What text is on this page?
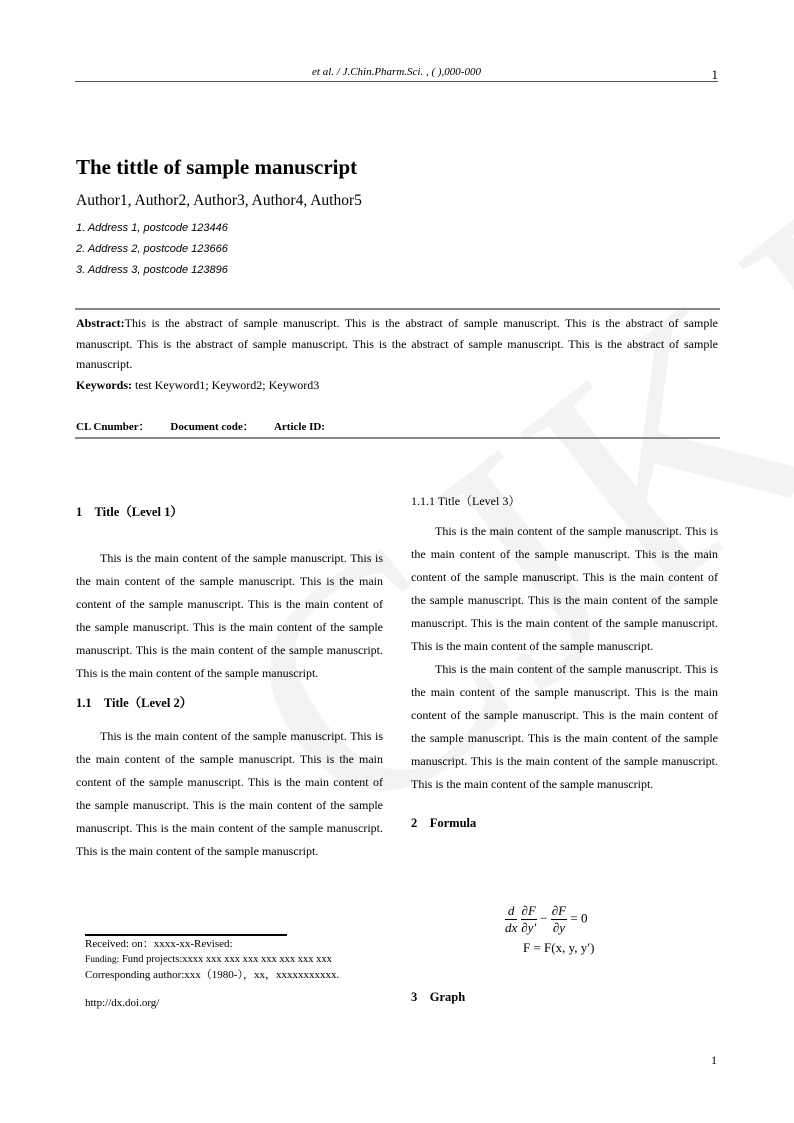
et al. / J.Chin.Pharm.Sci. , ( ),000-000	1
The tittle of sample manuscript
Author1, Author2, Author3, Author4, Author5
1. Address 1, postcode 123446
2. Address 2, postcode 123666
3. Address 3, postcode 123896
Abstract:This is the abstract of sample manuscript. This is the abstract of sample manuscript. This is the abstract of sample manuscript. This is the abstract of sample manuscript. This is the abstract of sample manuscript. This is the abstract of sample manuscript.
Keywords: test Keyword1; Keyword2; Keyword3
CL Cnumber： Document code： Article ID:
1    Title（Level 1）

This is the main content of the sample manuscript. This is the main content of the sample manuscript. This is the main content of the sample manuscript. This is the main content of the sample manuscript. This is the main content of the sample manuscript. This is the main content of the sample manuscript. This is the main content of the sample manuscript.

1.1    Title（Level 2）

This is the main content of the sample manuscript. This is the main content of the sample manuscript. This is the main content of the sample manuscript. This is the main content of the sample manuscript. This is the main content of the sample manuscript. This is the main content of the sample manuscript. This is the main content of the sample manuscript.

1.1.1 Title（Level 3）

This is the main content of the sample manuscript. This is the main content of the sample manuscript. This is the main content of the sample manuscript. This is the main content of the sample manuscript. This is the main content of the sample manuscript. This is the main content of the sample manuscript. This is the main content of the sample manuscript.

This is the main content of the sample manuscript. This is the main content of the sample manuscript. This is the main content of the sample manuscript. This is the main content of the sample manuscript. This is the main content of the sample manuscript. This is the main content of the sample manuscript. This is the main content of the sample manuscript.

2    Formula
$\frac{d}{dx}$
$\frac{\partial F}{\partial y'} - \frac{\partial F}{\partial y} = 0$
F = F(x, y, y′)
3    Graph
Received: on：xxxx-xx-Revised:
Funding: Fund projects:xxxx xxx xxx xxx xxx xxx xxx xxx
Corresponding author:xxx（1980-），xx，xxxxxxxxxxx.
http://dx.doi.org/
1
